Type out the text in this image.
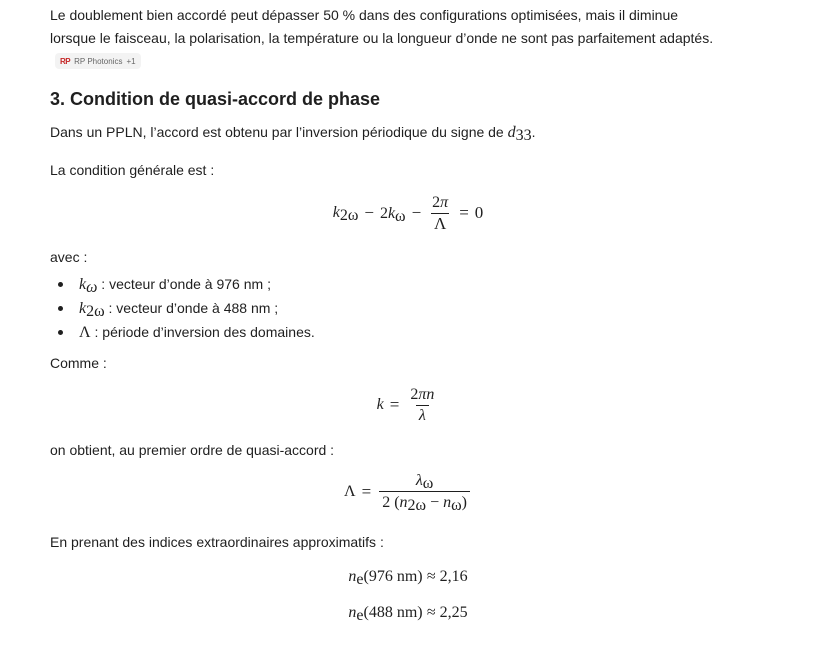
Le doublement bien accordé peut dépasser 50 % dans des configurations optimisées, mais il diminue
lorsque le faisceau, la polarisation, la température ou la longueur d’onde ne sont pas parfaitement adaptés.
RP RP Photonics +1
3. Condition de quasi-accord de phase
Dans un PPLN, l’accord est obtenu par l’inversion périodique du signe de $d_{33}$.
La condition générale est :
$k_{2\omega} - 2k_\omega - \frac{2\pi}{\Lambda} = 0$
avec :
$k_\omega$ : vecteur d’onde à 976 nm ;
$k_{2\omega}$ : vecteur d’onde à 488 nm ;
Λ : période d’inversion des domaines.
Comme :
$k = \frac{2\pi n}{\lambda}$
on obtient, au premier ordre de quasi-accord :
$\Lambda = \frac{\lambda_\omega}{2 (n_{2\omega} - n_\omega)}$
En prenant des indices extraordinaires approximatifs :
$n_e(976$ nm) ≈ 2,16
$n_e(488$ nm) ≈ 2,25
